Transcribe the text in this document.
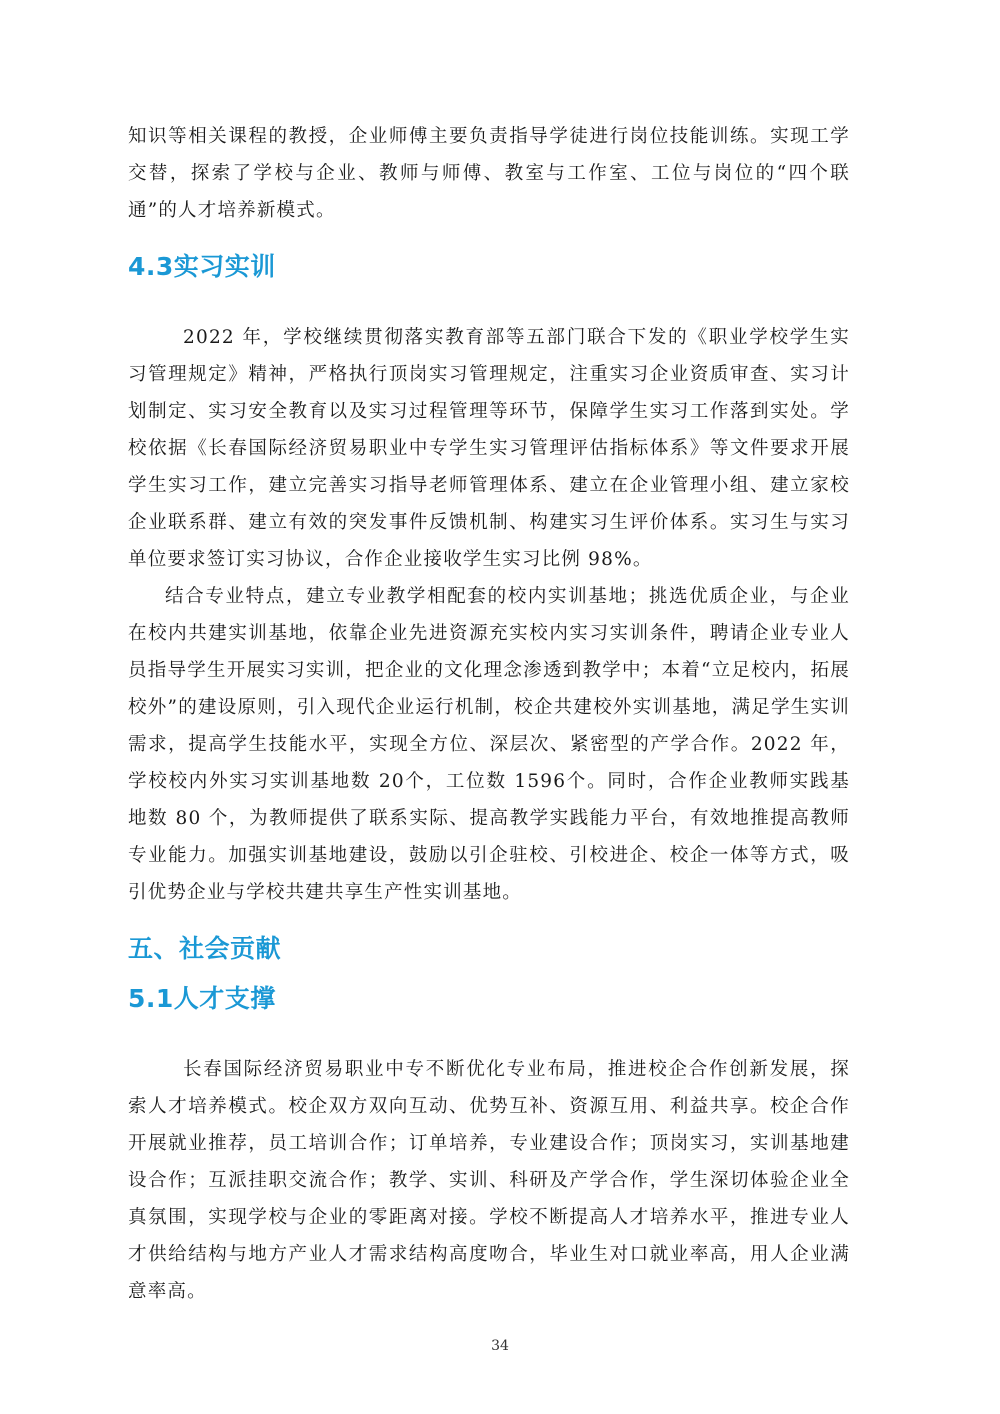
知识等相关课程的教授，企业师傅主要负责指导学徒进行岗位技能训练。实现工学交替，探索了学校与企业、教师与师傅、教室与工作室、工位与岗位的“四个联通”的人才培养新模式。

4.3实习实训

2022 年，学校继续贯彻落实教育部等五部门联合下发的《职业学校学生实习管理规定》精神，严格执行顶岗实习管理规定，注重实习企业资质审查、实习计划制定、实习安全教育以及实习过程管理等环节，保障学生实习工作落到实处。学校依据《长春国际经济贸易职业中专学生实习管理评估指标体系》等文件要求开展学生实习工作，建立完善实习指导老师管理体系、建立在企业管理小组、建立家校企业联系群、建立有效的突发事件反馈机制、构建实习生评价体系。实习生与实习单位要求签订实习协议，合作企业接收学生实习比例 98%。

结合专业特点，建立专业教学相配套的校内实训基地；挑选优质企业，与企业在校内共建实训基地，依靠企业先进资源充实校内实习实训条件，聘请企业专业人员指导学生开展实习实训，把企业的文化理念渗透到教学中；本着“立足校内，拓展校外”的建设原则，引入现代企业运行机制，校企共建校外实训基地，满足学生实训需求，提高学生技能水平，实现全方位、深层次、紧密型的产学合作。2022 年，学校校内外实习实训基地数 20个，工位数 1596个。同时，合作企业教师实践基地数 80 个，为教师提供了联系实际、提高教学实践能力平台，有效地推提高教师专业能力。加强实训基地建设，鼓励以引企驻校、引校进企、校企一体等方式，吸引优势企业与学校共建共享生产性实训基地。

五、社会贡献
5.1人才支撑

长春国际经济贸易职业中专不断优化专业布局，推进校企合作创新发展，探索人才培养模式。校企双方双向互动、优势互补、资源互用、利益共享。校企合作开展就业推荐，员工培训合作；订单培养，专业建设合作；顶岗实习，实训基地建设合作；互派挂职交流合作；教学、实训、科研及产学合作，学生深切体验企业全真氛围，实现学校与企业的零距离对接。学校不断提高人才培养水平，推进专业人才供给结构与地方产业人才需求结构高度吻合，毕业生对口就业率高，用人企业满意率高。

34
